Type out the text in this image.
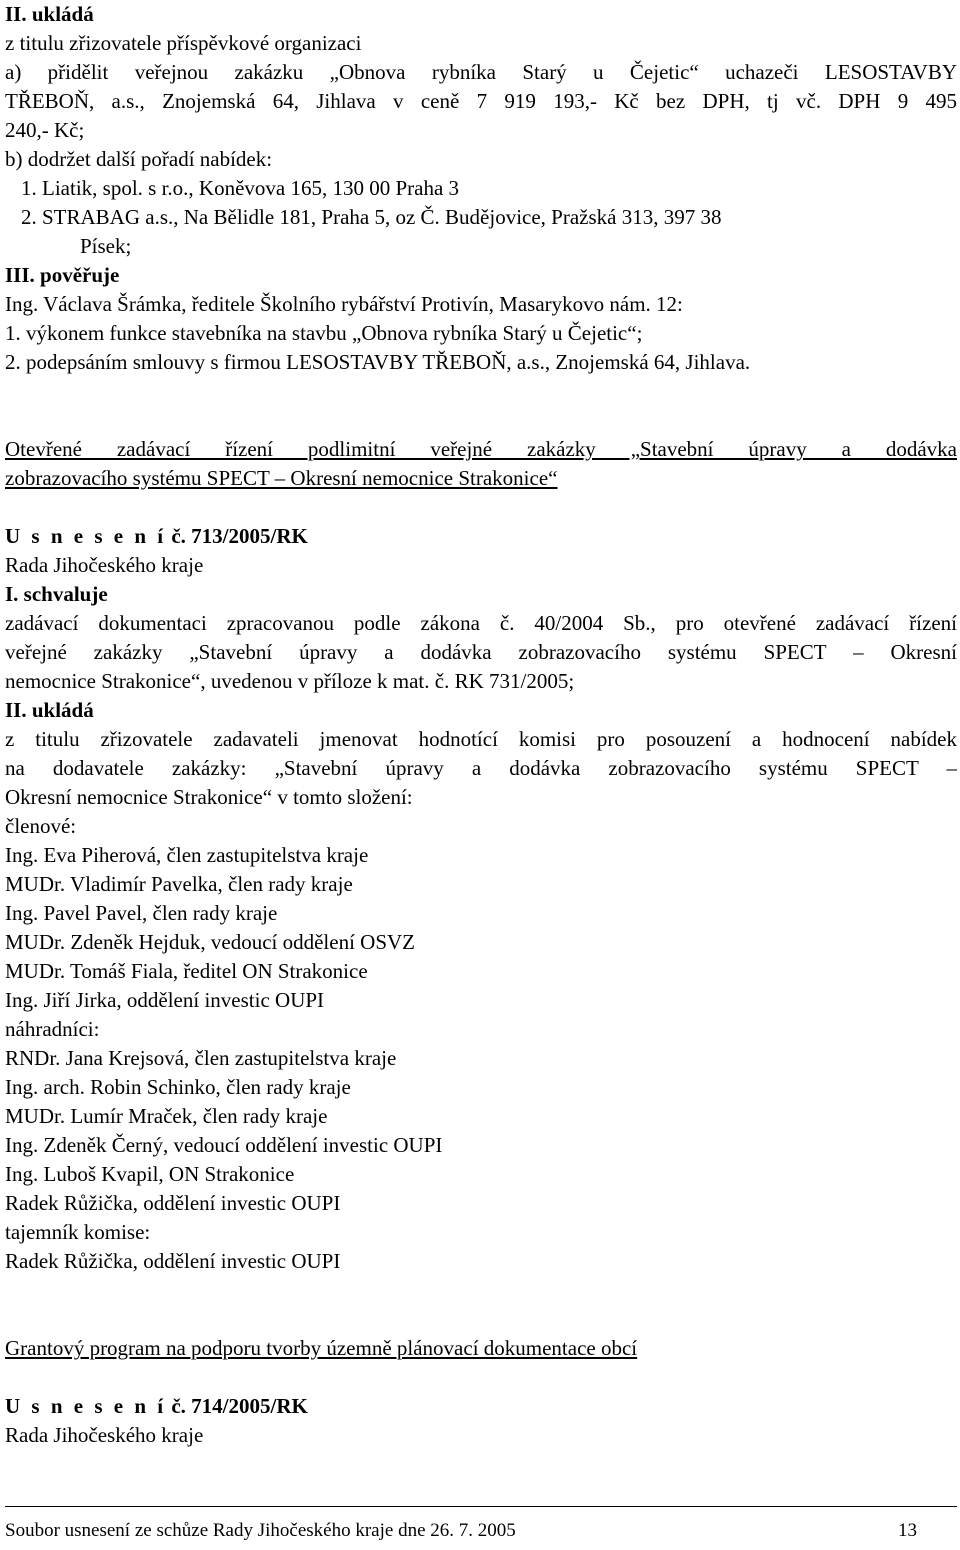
II. ukládá
z titulu zřizovatele příspěvkové organizaci
a) přidělit veřejnou zakázku „Obnova rybníka Starý u Čejetic“ uchazeči LESOSTAVBY
TŘEBOŇ, a.s., Znojemská 64, Jihlava v ceně 7 919 193,- Kč bez DPH, tj vč. DPH 9 495
240,- Kč;
b) dodržet další pořadí nabídek:
1. Liatik, spol. s r.o., Koněvova 165, 130 00 Praha 3
2. STRABAG a.s., Na Bělidle 181, Praha 5, oz Č. Budějovice, Pražská 313, 397 38
Písek;
III. pověřuje
Ing. Václava Šrámka, ředitele Školního rybářství Protivín, Masarykovo nám. 12:
1. výkonem funkce stavebníka na stavbu „Obnova rybníka Starý u Čejetic“;
2. podepsáním smlouvy s firmou LESOSTAVBY TŘEBOŇ, a.s., Znojemská 64, Jihlava.
Otevřené zadávací řízení podlimitní veřejné zakázky „Stavební úpravy a dodávka
zobrazovacího systému SPECT – Okresní nemocnice Strakonice“
U s n e s e n í č. 713/2005/RK
Rada Jihočeského kraje
I. schvaluje
zadávací dokumentaci zpracovanou podle zákona č. 40/2004 Sb., pro otevřené zadávací řízení
veřejné zakázky „Stavební úpravy a dodávka zobrazovacího systému SPECT – Okresní
nemocnice Strakonice“, uvedenou v příloze k mat. č. RK 731/2005;
II. ukládá
z titulu zřizovatele zadavateli jmenovat hodnotící komisi pro posouzení a hodnocení nabídek
na dodavatele zakázky: „Stavební úpravy a dodávka zobrazovacího systému SPECT –
Okresní nemocnice Strakonice“ v tomto složení:
členové:
Ing. Eva Piherová, člen zastupitelstva kraje
MUDr. Vladimír Pavelka, člen rady kraje
Ing. Pavel Pavel, člen rady kraje
MUDr. Zdeněk Hejduk, vedoucí oddělení OSVZ
MUDr. Tomáš Fiala, ředitel ON Strakonice
Ing. Jiří Jirka, oddělení investic OUPI
náhradníci:
RNDr. Jana Krejsová, člen zastupitelstva kraje
Ing. arch. Robin Schinko, člen rady kraje
MUDr. Lumír Mraček, člen rady kraje
Ing. Zdeněk Černý, vedoucí oddělení investic OUPI
Ing. Luboš Kvapil, ON Strakonice
Radek Růžička, oddělení investic OUPI
tajemník komise:
Radek Růžička, oddělení investic OUPI
Grantový program na podporu tvorby územně plánovací dokumentace obcí
U s n e s e n í č. 714/2005/RK
Rada Jihočeského kraje
Soubor usnesení ze schůze Rady Jihočeského kraje dne 26. 7. 2005	13
